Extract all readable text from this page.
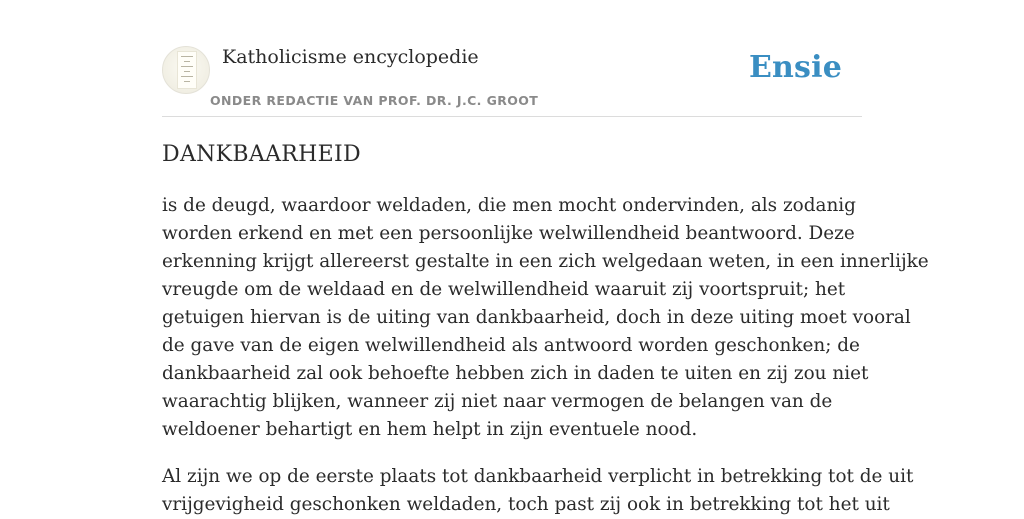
Katholicisme encyclopedie
ONDER REDACTIE VAN PROF. DR. J.C. GROOT
Ensie
DANKBAARHEID

is de deugd, waardoor weldaden, die men mocht ondervinden, als zodanig
worden erkend en met een persoonlijke welwillendheid beantwoord. Deze
erkenning krijgt allereerst gestalte in een zich welgedaan weten, in een innerlijke
vreugde om de weldaad en de welwillendheid waaruit zij voortspruit; het
getuigen hiervan is de uiting van dankbaarheid, doch in deze uiting moet vooral
de gave van de eigen welwillendheid als antwoord worden geschonken; de
dankbaarheid zal ook behoefte hebben zich in daden te uiten en zij zou niet
waarachtig blijken, wanneer zij niet naar vermogen de belangen van de
weldoener behartigt en hem helpt in zijn eventuele nood.

Al zijn we op de eerste plaats tot dankbaarheid verplicht in betrekking tot de uit
vrijgevigheid geschonken weldaden, toch past zij ook in betrekking tot het uit
